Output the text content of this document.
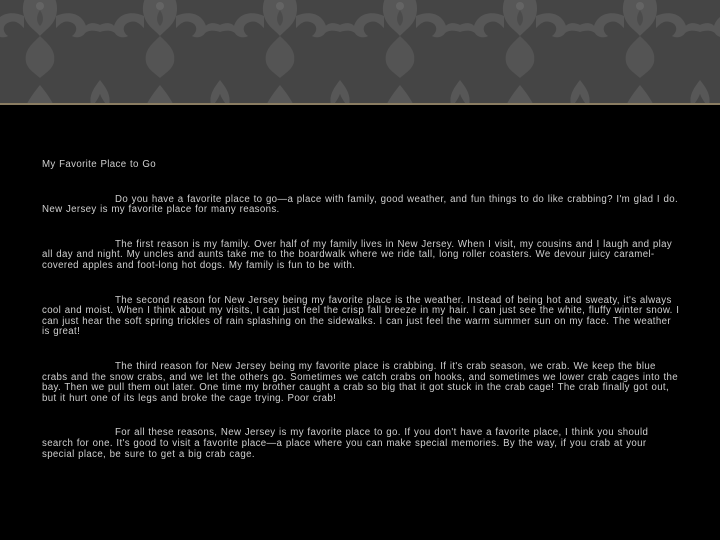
My Favorite Place to Go

Do you have a favorite place to go—a place with family, good weather, and fun things to do like crabbing? I'm glad I do. New Jersey is my favorite place for many reasons.

The first reason is my family. Over half of my family lives in New Jersey. When I visit, my cousins and I laugh and play all day and night. My uncles and aunts take me to the boardwalk where we ride tall, long roller coasters. We devour juicy caramel-covered apples and foot-long hot dogs. My family is fun to be with.

The second reason for New Jersey being my favorite place is the weather. Instead of being hot and sweaty, it's always cool and moist. When I think about my visits, I can just feel the crisp fall breeze in my hair. I can just see the white, fluffy winter snow. I can just hear the soft spring trickles of rain splashing on the sidewalks. I can just feel the warm summer sun on my face. The weather is great!

The third reason for New Jersey being my favorite place is crabbing. If it's crab season, we crab. We keep the blue crabs and the snow crabs, and we let the others go. Sometimes we catch crabs on hooks, and sometimes we lower crab cages into the bay. Then we pull them out later. One time my brother caught a crab so big that it got stuck in the crab cage! The crab finally got out, but it hurt one of its legs and broke the cage trying. Poor crab!

For all these reasons, New Jersey is my favorite place to go. If you don't have a favorite place, I think you should search for one. It's good to visit a favorite place—a place where you can make special memories. By the way, if you crab at your special place, be sure to get a big crab cage.
